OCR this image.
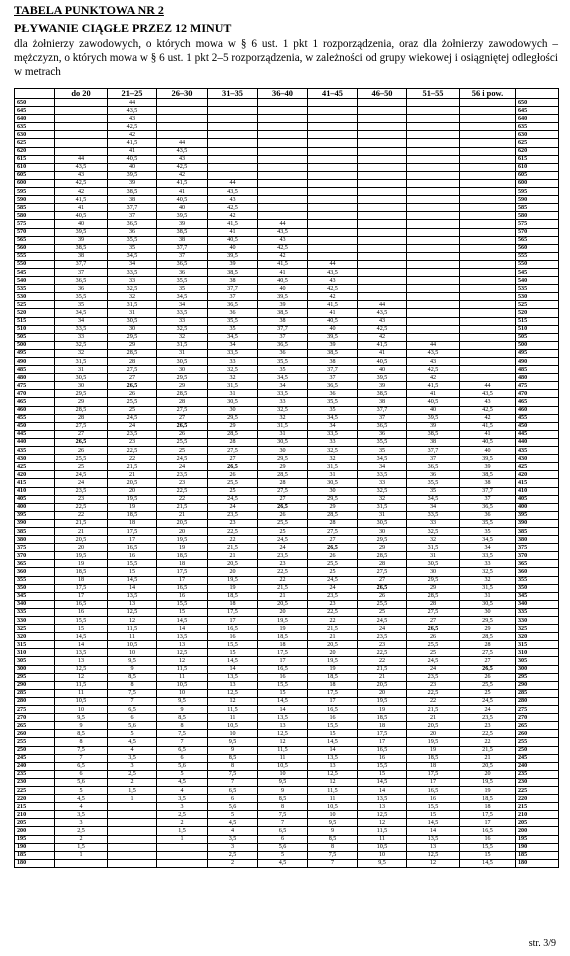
TABELA PUNKTOWA NR 2
PŁYWANIE CIĄGŁE PRZEZ 12 MINUT
dla żołnierzy zawodowych, o których mowa w § 6 ust. 1 pkt 1 rozporządzenia, oraz dla żołnierzy zawodowych – mężczyzn, o których mowa w § 6 ust. 1 pkt 2–5 rozporządzenia, w zależności od grupy wiekowej i osiągniętej odległości w metrach
	do 20	21–25	26–30	31–35	36–40	41–45	46–50	51–55	56 i pow.	
650		44								650
645		43,5								645
640		43								640
635		42,5								635
630		42								630
625		41,5	44							625
620		41	43,5							620
615	44	40,5	43							615
610	43,5	40	42,5							610
605	43	39,5	42							605
600	42,5	39	41,5	44						600
595	42	38,5	41	43,5						595
590	41,5	38	40,5	43						590
585	41	37,7	40	42,5						585
580	40,5	37	39,5	42						580
575	40	36,5	39	41,5	44					575
570	39,5	36	38,5	41	43,5					570
565	39	35,5	38	40,5	43					565
560	38,5	35	37,7	40	42,5					560
555	38	34,5	37	39,5	42					555
550	37,7	34	36,5	39	41,5	44				550
545	37	33,5	36	38,5	41	43,5				545
540	36,5	33	35,5	38	40,5	43				540
535	36	32,5	35	37,7	40	42,5				535
530	35,5	32	34,5	37	39,5	42				530
525	35	31,5	34	36,5	39	41,5	44			525
520	34,5	31	33,5	36	38,5	41	43,5			520
515	34	30,5	33	35,5	38	40,5	43			515
510	33,5	30	32,5	35	37,7	40	42,5			510
505	33	29,5	32	34,5	37	39,5	42			505
500	32,5	29	31,5	34	36,5	39	41,5	44		500
495	32	28,5	31	33,5	36	38,5	41	43,5		495
490	31,5	28	30,5	33	35,5	38	40,5	43		490
485	31	27,5	30	32,5	35	37,7	40	42,5		485
480	30,5	27	29,5	32	34,5	37	39,5	42		480
475	30	26,5	29	31,5	34	36,5	39	41,5	44	475
470	29,5	26	28,5	31	33,5	36	38,5	41	43,5	470
465	29	25,5	28	30,5	33	35,5	38	40,5	43	465
460	28,5	25	27,5	30	32,5	35	37,7	40	42,5	460
455	28	24,5	27	29,5	32	34,5	37	39,5	42	455
450	27,5	24	26,5	29	31,5	34	36,5	39	41,5	450
445	27	23,5	26	28,5	31	33,5	36	38,5	41	445
440	26,5	23	25,5	28	30,5	33	35,5	38	40,5	440
435	26	22,5	25	27,5	30	32,5	35	37,7	40	435
430	25,5	22	24,5	27	29,5	32	34,5	37	39,5	430
425	25	21,5	24	26,5	29	31,5	34	36,5	39	425
420	24,5	21	23,5	26	28,5	31	33,5	36	38,5	420
415	24	20,5	23	25,5	28	30,5	33	35,5	38	415
410	23,5	20	22,5	25	27,5	30	32,5	35	37,7	410
405	23	19,5	22	24,5	27	29,5	32	34,5	37	405
400	22,5	19	21,5	24	26,5	29	31,5	34	36,5	400
395	22	18,5	21	23,5	26	28,5	31	33,5	36	395
390	21,5	18	20,5	23	25,5	28	30,5	33	35,5	390
385	21	17,5	20	22,5	25	27,5	30	32,5	35	385
380	20,5	17	19,5	22	24,5	27	29,5	32	34,5	380
375	20	16,5	19	21,5	24	26,5	29	31,5	34	375
370	19,5	16	18,5	21	23,5	26	28,5	31	33,5	370
365	19	15,5	18	20,5	23	25,5	28	30,5	33	365
360	18,5	15	17,5	20	22,5	25	27,5	30	32,5	360
355	18	14,5	17	19,5	22	24,5	27	29,5	32	355
350	17,5	14	16,5	19	21,5	24	26,5	29	31,5	350
345	17	13,5	16	18,5	21	23,5	26	28,5	31	345
340	16,5	13	15,5	18	20,5	23	25,5	28	30,5	340
335	16	12,5	15	17,5	20	22,5	25	27,5	30	335
330	15,5	12	14,5	17	19,5	22	24,5	27	29,5	330
325	15	11,5	14	16,5	19	21,5	24	26,5	29	325
320	14,5	11	13,5	16	18,5	21	23,5	26	28,5	320
315	14	10,5	13	15,5	18	20,5	23	25,5	28	315
310	13,5	10	12,5	15	17,5	20	22,5	25	27,5	310
305	13	9,5	12	14,5	17	19,5	22	24,5	27	305
300	12,5	9	11,5	14	16,5	19	21,5	24	26,5	300
295	12	8,5	11	13,5	16	18,5	21	23,5	26	295
290	11,5	8	10,5	13	15,5	18	20,5	23	25,5	290
285	11	7,5	10	12,5	15	17,5	20	22,5	25	285
280	10,5	7	9,5	12	14,5	17	19,5	22	24,5	280
275	10	6,5	9	11,5	14	16,5	19	21,5	24	275
270	9,5	6	8,5	11	13,5	16	18,5	21	23,5	270
265	9	5,6	8	10,5	13	15,5	18	20,5	23	265
260	8,5	5	7,5	10	12,5	15	17,5	20	22,5	260
255	8	4,5	7	9,5	12	14,5	17	19,5	22	255
250	7,5	4	6,5	9	11,5	14	16,5	19	21,5	250
245	7	3,5	6	8,5	11	13,5	16	18,5	21	245
240	6,5	3	5,6	8	10,5	13	15,5	18	20,5	240
235	6	2,5	5	7,5	10	12,5	15	17,5	20	235
230	5,6	2	4,5	7	9,5	12	14,5	17	19,5	230
225	5	1,5	4	6,5	9	11,5	14	16,5	19	225
220	4,5	1	3,5	6	8,5	11	13,5	16	18,5	220
215	4		3	5,6	8	10,5	13	15,5	18	215
210	3,5		2,5	5	7,5	10	12,5	15	17,5	210
205	3		2	4,5	7	9,5	12	14,5	17	205
200	2,5		1,5	4	6,5	9	11,5	14	16,5	200
195	2		1	3,5	6	8,5	11	13,5	16	195
190	1,5			3	5,6	8	10,5	13	15,5	190
185	1			2,5	5	7,5	10	12,5	15	185
180				2	4,5	7	9,5	12	14,5	180
str. 3/9
